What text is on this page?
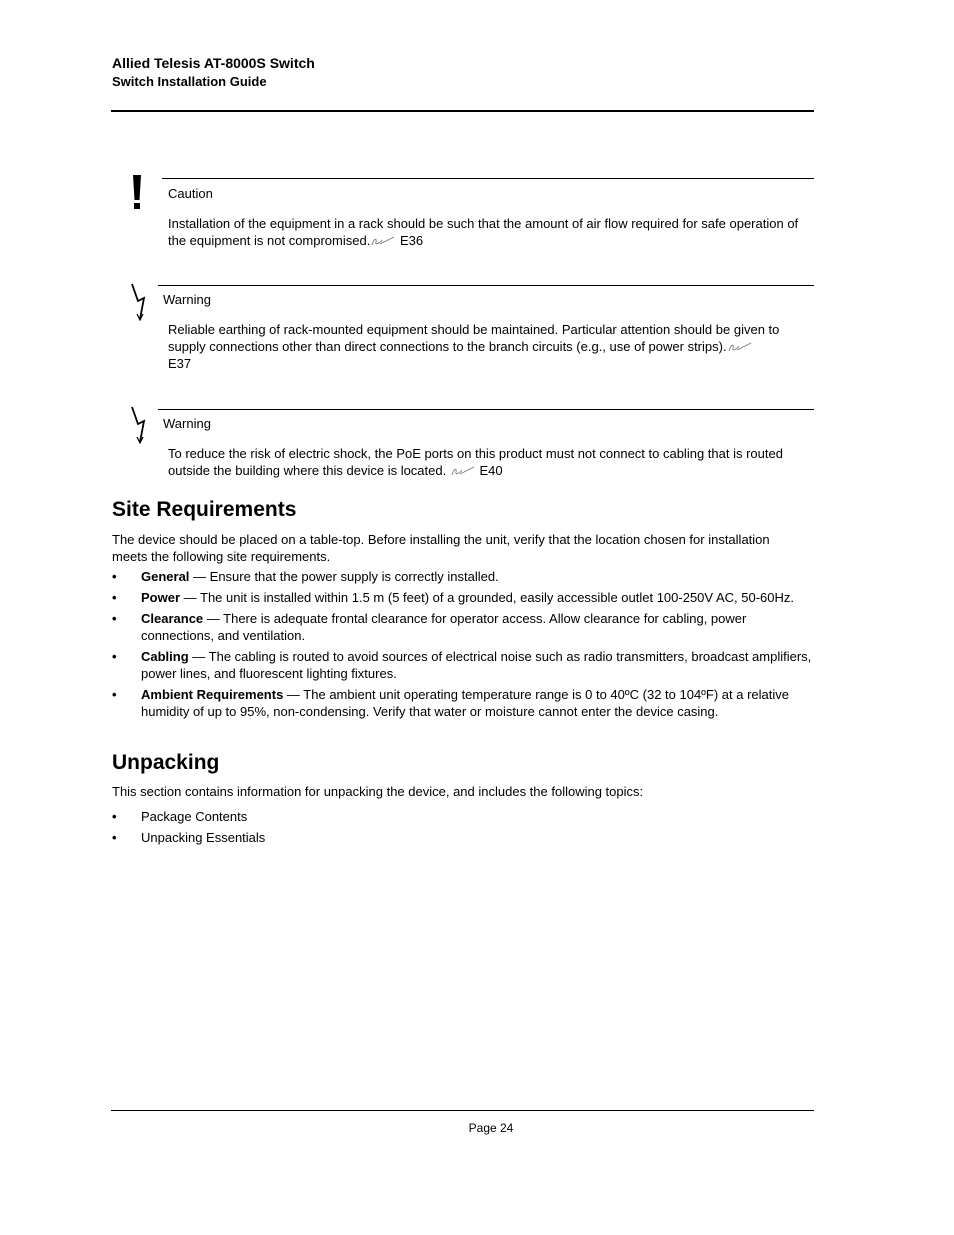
Allied Telesis AT-8000S Switch
Switch Installation Guide
Caution
Installation of the equipment in a rack should be such that the amount of air flow required for safe operation of the equipment is not compromised. E36
Warning
Reliable earthing of rack-mounted equipment should be maintained. Particular attention should be given to supply connections other than direct connections to the branch circuits (e.g., use of power strips).
E37
Warning
To reduce the risk of electric shock, the PoE ports on this product must not connect to cabling that is routed outside the building where this device is located.	E40
Site Requirements
The device should be placed on a table-top. Before installing the unit, verify that the location chosen for installation meets the following site requirements.
• General — Ensure that the power supply is correctly installed.
• Power — The unit is installed within 1.5 m (5 feet) of a grounded, easily accessible outlet 100-250V AC, 50-60Hz.
• Clearance — There is adequate frontal clearance for operator access. Allow clearance for cabling, power connections, and ventilation.
• Cabling — The cabling is routed to avoid sources of electrical noise such as radio transmitters, broadcast amplifiers, power lines, and fluorescent lighting fixtures.
• Ambient Requirements — The ambient unit operating temperature range is 0 to 40ºC (32 to 104ºF) at a relative humidity of up to 95%, non-condensing. Verify that water or moisture cannot enter the device casing.
Unpacking
This section contains information for unpacking the device, and includes the following topics:
• Package Contents
• Unpacking Essentials
Page 24
